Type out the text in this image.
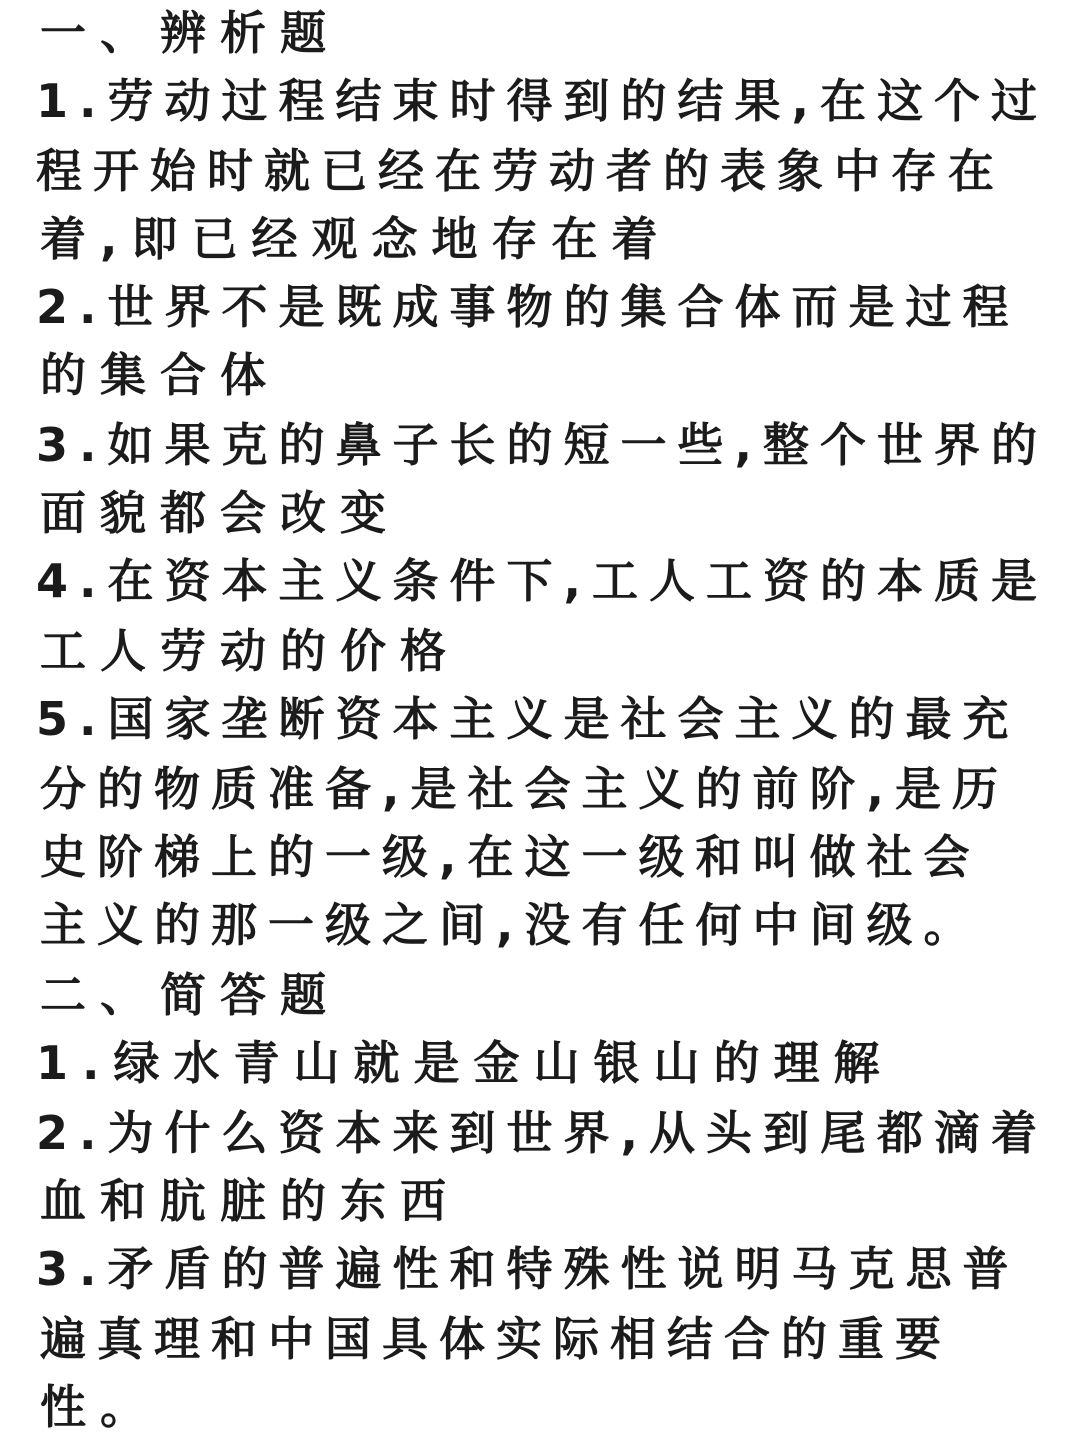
一、辨析题
1.劳动过程结束时得到的结果,在这个过
程开始时就已经在劳动者的表象中存在
着,即已经观念地存在着
2.世界不是既成事物的集合体而是过程
的集合体
3.如果克的鼻子长的短一些,整个世界的
面貌都会改变
4.在资本主义条件下,工人工资的本质是
工人劳动的价格
5.国家垄断资本主义是社会主义的最充
分的物质准备,是社会主义的前阶,是历
史阶梯上的一级,在这一级和叫做社会
主义的那一级之间,没有任何中间级。
二、简答题
1.绿水青山就是金山银山的理解
2.为什么资本来到世界,从头到尾都滴着
血和肮脏的东西
3.矛盾的普遍性和特殊性说明马克思普
遍真理和中国具体实际相结合的重要
性。
